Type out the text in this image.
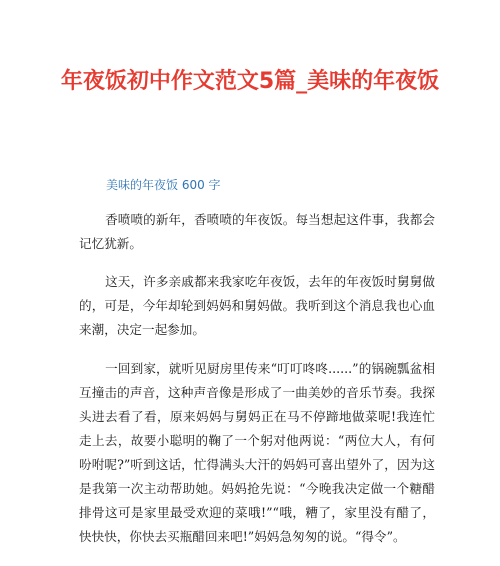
年夜饭初中作文范文5篇_美味的年夜饭
美味的年夜饭 600 字

香喷喷的新年，香喷喷的年夜饭。每当想起这件事，我都会记忆犹新。

这天，许多亲戚都来我家吃年夜饭，去年的年夜饭时舅舅做的，可是，今年却轮到妈妈和舅妈做。我听到这个消息我也心血来潮，决定一起参加。

一回到家，就听见厨房里传来“叮叮咚咚......”的锅碗瓢盆相互撞击的声音，这种声音像是形成了一曲美妙的音乐节奏。我探头进去看了看，原来妈妈与舅妈正在马不停蹄地做菜呢!我连忙走上去，故要小聪明的鞠了一个躬对他两说：“两位大人，有何吩咐呢?”听到这话，忙得满头大汗的妈妈可喜出望外了，因为这是我第一次主动帮助她。妈妈抢先说：“今晚我决定做一个糖醋排骨这可是家里最受欢迎的菜哦!”“哦，糟了，家里没有醋了，快快快，你快去买瓶醋回来吧!”妈妈急匆匆的说。“得令”。
